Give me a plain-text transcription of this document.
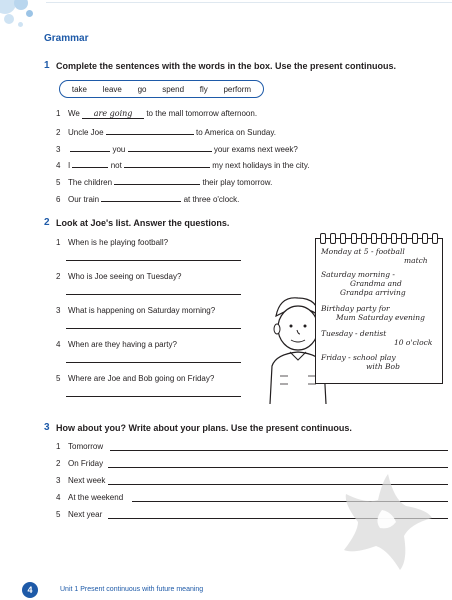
Grammar
1 Complete the sentences with the words in the box. Use the present continuous.
take leave go spend fly perform
1 We are going to the mall tomorrow afternoon.
2 Uncle Joe	to America on Sunday.
3	you	your exams next week?
4 I	not	my next holidays in the city.
5 The children	their play tomorrow.
6 Our train	at three o'clock.
2 Look at Joe's list. Answer the questions.
1 When is he playing football?
2 Who is Joe seeing on Tuesday?
3 What is happening on Saturday morning?
4 When are they having a party?
5 Where are Joe and Bob going on Friday?
Monday at 5 - football
match
Saturday morning -
Grandma and
Grandpa arriving
Birthday party for
Mum Saturday evening
Tuesday - dentist
10 o'clock
Friday - school play
with Bob
3 How about you? Write about your plans. Use the present continuous.
1 Tomorrow
2 On Friday
3 Next week
4 At the weekend
5 Next year
4	Unit 1 Present continuous with future meaning
